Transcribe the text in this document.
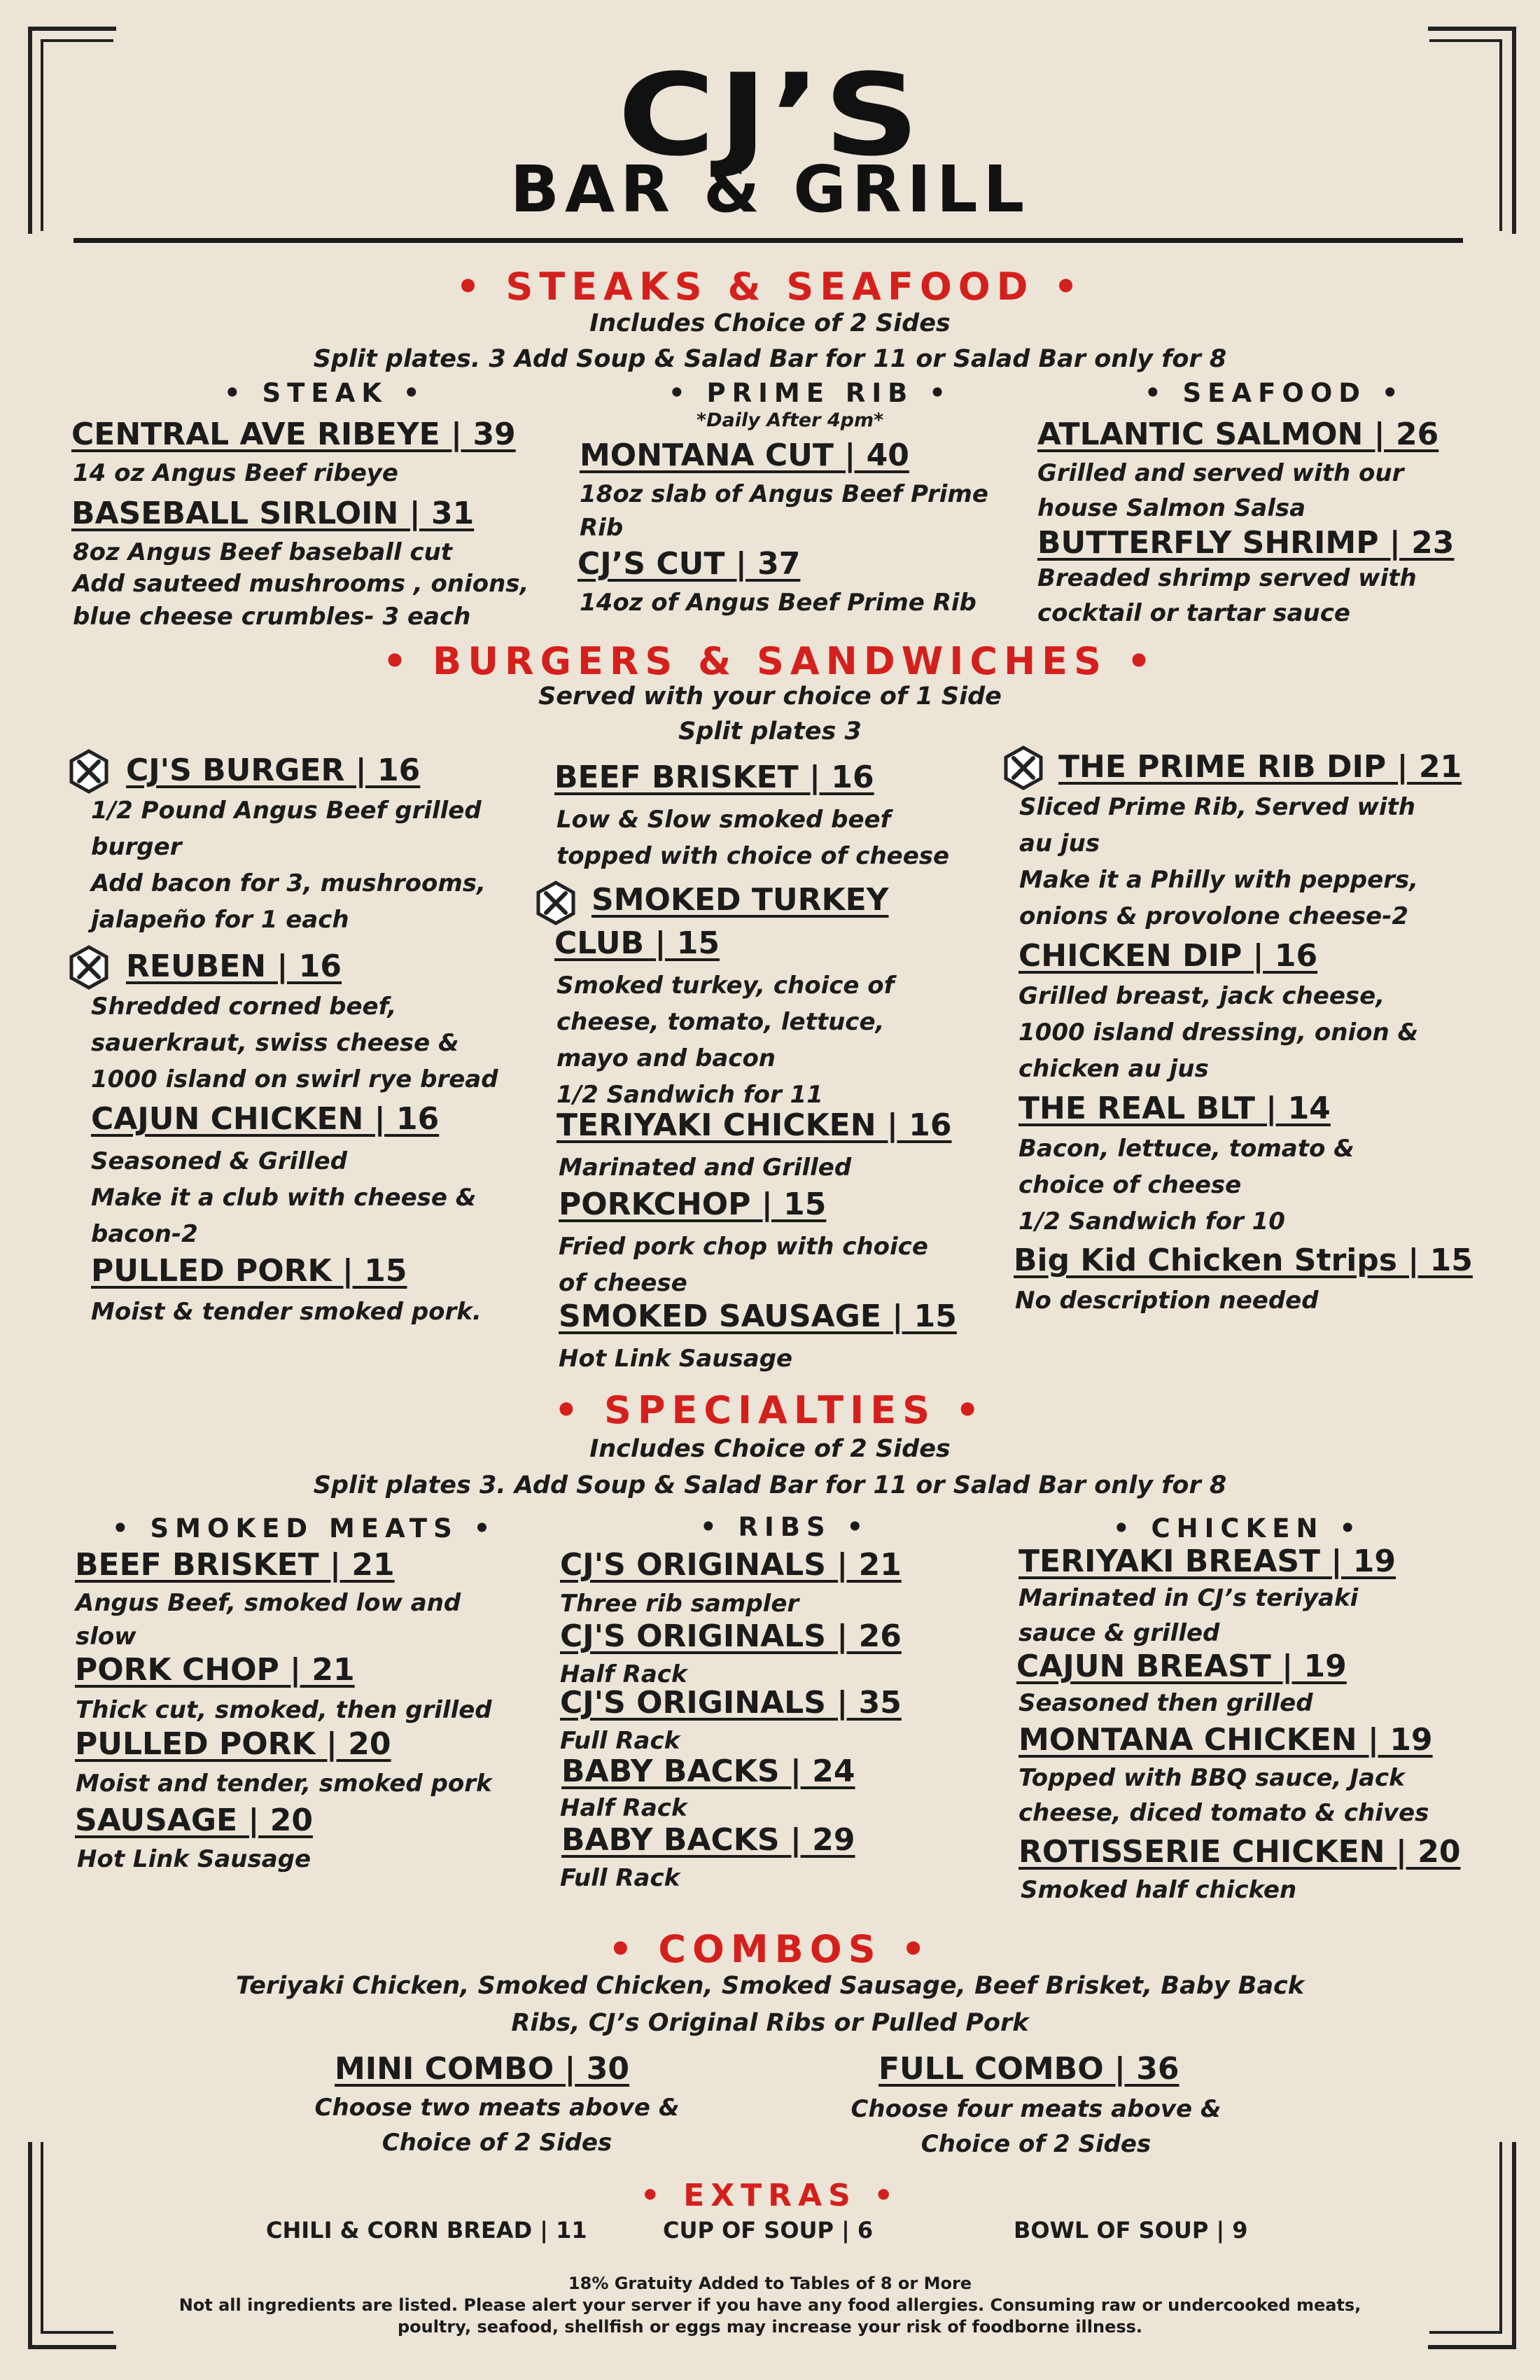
CJ’S
BAR & GRILL
• STEAKS & SEAFOOD •
Includes Choice of 2 Sides
Split plates. 3 Add Soup & Salad Bar for 11 or Salad Bar only for 8
• STEAK •	• PRIME RIB •
*Daily After 4pm*
• SEAFOOD •
CENTRAL AVE RIBEYE | 39
14 oz Angus Beef ribeye
BASEBALL SIRLOIN | 31
8oz Angus Beef baseball cut
Add sauteed mushrooms , onions,
blue cheese crumbles- 3 each
MONTANA CUT | 40
18oz slab of Angus Beef Prime
Rib
CJ’S CUT | 37
14oz of Angus Beef Prime Rib
ATLANTIC SALMON | 26
Grilled and served with our
house Salmon Salsa
BUTTERFLY SHRIMP | 23
Breaded shrimp served with
cocktail or tartar sauce
• BURGERS & SANDWICHES •
Served with your choice of 1 Side
Split plates 3
CJ'S BURGER | 16
1/2 Pound Angus Beef grilled
burger
Add bacon for 3, mushrooms,
jalapeño for 1 each
REUBEN | 16
Shredded corned beef,
sauerkraut, swiss cheese &
1000 island on swirl rye bread
CAJUN CHICKEN | 16
Seasoned & Grilled
Make it a club with cheese &
bacon-2
PULLED PORK | 15
Moist & tender smoked pork.
BEEF BRISKET | 16
Low & Slow smoked beef
topped with choice of cheese
SMOKED TURKEY
CLUB | 15
Smoked turkey, choice of
cheese, tomato, lettuce,
mayo and bacon
1/2 Sandwich for 11
TERIYAKI CHICKEN | 16
Marinated and Grilled
PORKCHOP | 15
Fried pork chop with choice
of cheese
SMOKED SAUSAGE | 15
Hot Link Sausage
THE PRIME RIB DIP | 21
Sliced Prime Rib, Served with
au jus
Make it a Philly with peppers,
onions & provolone cheese-2
CHICKEN DIP | 16
Grilled breast, jack cheese,
1000 island dressing, onion &
chicken au jus
THE REAL BLT | 14
Bacon, lettuce, tomato &
choice of cheese
1/2 Sandwich for 10
Big Kid Chicken Strips | 15
No description needed
• SPECIALTIES •
Includes Choice of 2 Sides
Split plates 3. Add Soup & Salad Bar for 11 or Salad Bar only for 8
• SMOKED MEATS •	• RIBS •	• CHICKEN •
BEEF BRISKET | 21
Angus Beef, smoked low and
slow
PORK CHOP | 21
Thick cut, smoked, then grilled
PULLED PORK | 20
Moist and tender, smoked pork
SAUSAGE | 20
Hot Link Sausage
CJ'S ORIGINALS | 21
Three rib sampler
CJ'S ORIGINALS | 26
Half Rack
CJ'S ORIGINALS | 35
Full Rack
BABY BACKS | 24
Half Rack
BABY BACKS | 29
Full Rack
TERIYAKI BREAST | 19
Marinated in CJ’s teriyaki
sauce & grilled
CAJUN BREAST | 19
Seasoned then grilled
MONTANA CHICKEN | 19
Topped with BBQ sauce, Jack
cheese, diced tomato & chives
ROTISSERIE CHICKEN | 20
Smoked half chicken
• COMBOS •
Teriyaki Chicken, Smoked Chicken, Smoked Sausage, Beef Brisket, Baby Back
Ribs, CJ’s Original Ribs or Pulled Pork
MINI COMBO | 30
Choose two meats above &
Choice of 2 Sides
FULL COMBO | 36
Choose four meats above &
Choice of 2 Sides
• EXTRAS •
CHILI & CORN BREAD | 11	CUP OF SOUP | 6	BOWL OF SOUP | 9
18% Gratuity Added to Tables of 8 or More
Not all ingredients are listed. Please alert your server if you have any food allergies. Consuming raw or undercooked meats,
poultry, seafood, shellfish or eggs may increase your risk of foodborne illness.
